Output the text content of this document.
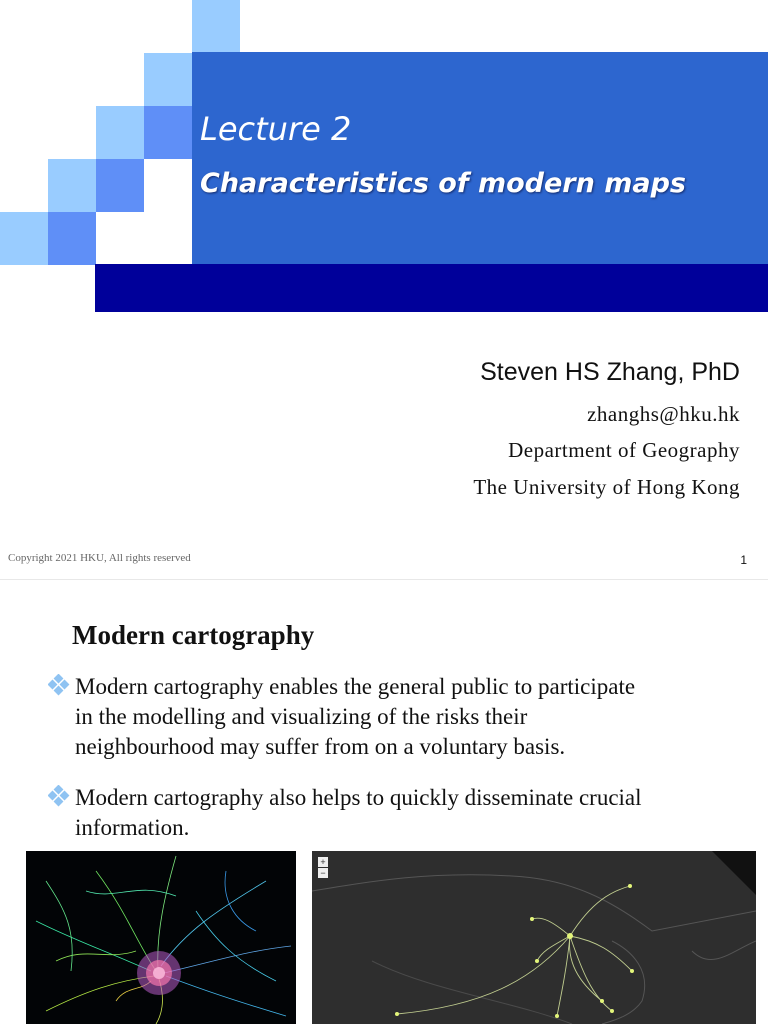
Lecture 2
Characteristics of modern maps
Steven HS Zhang, PhD
zhanghs@hku.hk
Department of Geography
The University of Hong Kong
Copyright 2021 HKU, All rights reserved	1
Modern cartography
Modern cartography enables the general public to participate
in the modelling and visualizing of the risks their
neighbourhood may suffer from on a voluntary basis.
Modern cartography also helps to quickly disseminate crucial
information.
+
−
